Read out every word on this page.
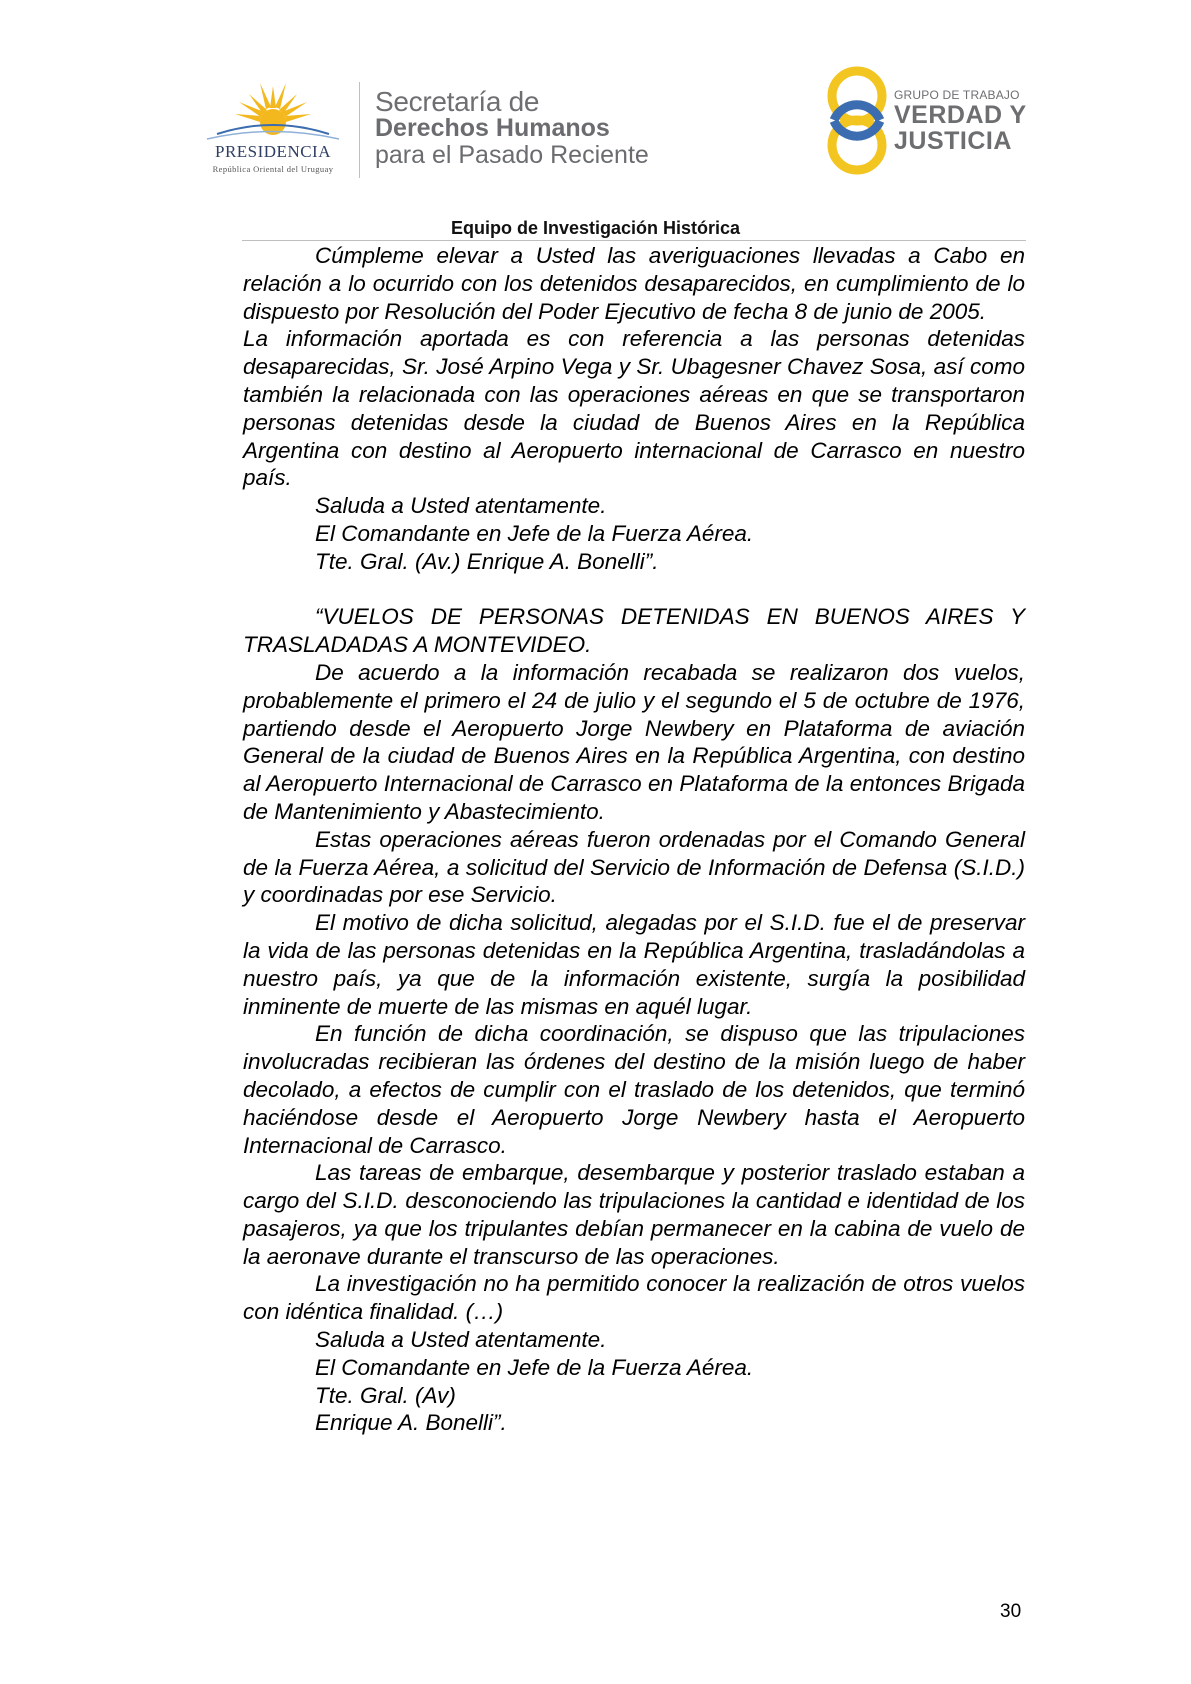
PRESIDENCIA
República Oriental del Uruguay
Secretaría de
Derechos Humanos
para el Pasado Reciente
GRUPO DE TRABAJO
VERDAD Y
JUSTICIA
Equipo de Investigación Histórica

Cúmpleme elevar a Usted las averiguaciones llevadas a Cabo en relación a lo ocurrido con los detenidos desaparecidos, en cumplimiento de lo dispuesto por Resolución del Poder Ejecutivo de fecha 8 de junio de 2005.

La información aportada es con referencia a las personas detenidas desaparecidas, Sr. José Arpino Vega y Sr. Ubagesner Chavez Sosa, así como también la relacionada con las operaciones aéreas en que se transportaron personas detenidas desde la ciudad de Buenos Aires en la República Argentina con destino al Aeropuerto internacional de Carrasco en nuestro país.

Saluda a Usted atentamente.

El Comandante en Jefe de la Fuerza Aérea.

Tte. Gral. (Av.) Enrique A. Bonelli”.

“VUELOS DE PERSONAS DETENIDAS EN BUENOS AIRES Y TRASLADADAS A MONTEVIDEO.

De acuerdo a la información recabada se realizaron dos vuelos, probablemente el primero el 24 de julio y el segundo el 5 de octubre de 1976, partiendo desde el Aeropuerto Jorge Newbery en Plataforma de aviación General de la ciudad de Buenos Aires en la República Argentina, con destino al Aeropuerto Internacional de Carrasco en Plataforma de la entonces Brigada de Mantenimiento y Abastecimiento.

Estas operaciones aéreas fueron ordenadas por el Comando General de la Fuerza Aérea, a solicitud del Servicio de Información de Defensa (S.I.D.) y coordinadas por ese Servicio.

El motivo de dicha solicitud, alegadas por el S.I.D. fue el de preservar la vida de las personas detenidas en la República Argentina, trasladándolas a nuestro país, ya que de la información existente, surgía la posibilidad inminente de muerte de las mismas en aquél lugar.

En función de dicha coordinación, se dispuso que las tripulaciones involucradas recibieran las órdenes del destino de la misión luego de haber decolado, a efectos de cumplir con el traslado de los detenidos, que terminó haciéndose desde el Aeropuerto Jorge Newbery hasta el Aeropuerto Internacional de Carrasco.

Las tareas de embarque, desembarque y posterior traslado estaban a cargo del S.I.D. desconociendo las tripulaciones la cantidad e identidad de los pasajeros, ya que los tripulantes debían permanecer en la cabina de vuelo de la aeronave durante el transcurso de las operaciones.

La investigación no ha permitido conocer la realización de otros vuelos con idéntica finalidad. (…)

Saluda a Usted atentamente.

El Comandante en Jefe de la Fuerza Aérea.

Tte. Gral. (Av)

Enrique A. Bonelli”.

30
